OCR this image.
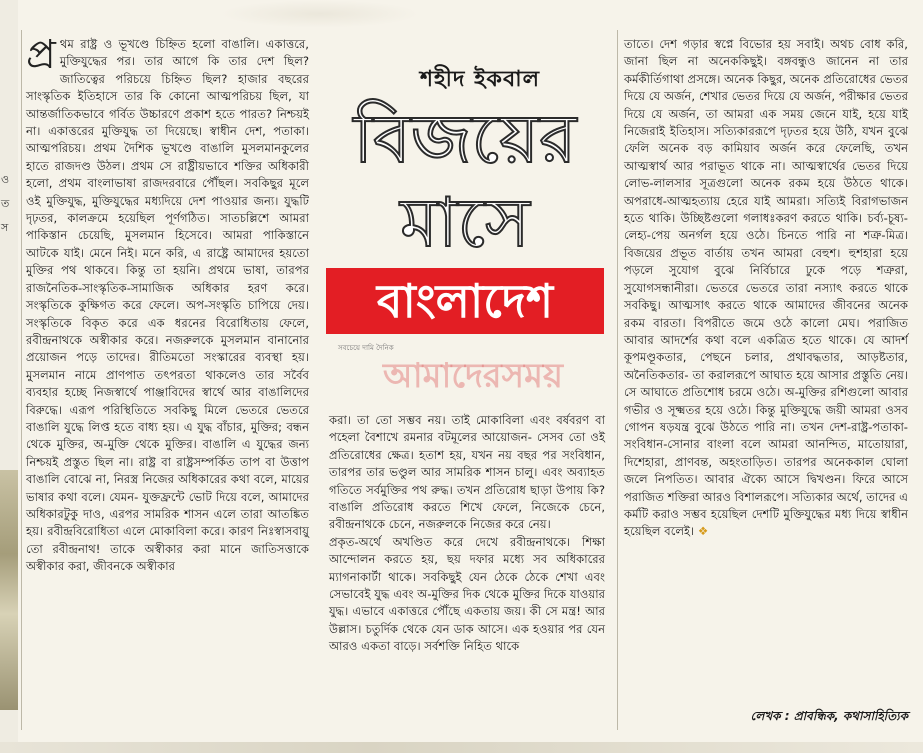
ও
ত
স

প্র থম রাষ্ট্র ও ভূখণ্ডে চিহ্নিত হলো বাঙালি। একাত্তরে, মুক্তিযুদ্ধের পর। তার আগে কি তার দেশ ছিল? জাতিত্বের পরিচয়ে চিহ্নিত ছিল? হাজার বছরের সাংস্কৃতিক ইতিহাসে তার কি কোনো আত্মপরিচয় ছিল, যা আন্তর্জাতিকভাবে গর্বিত উচ্চারণে প্রকাশ হতে পারত? নিশ্চয়ই না। একাত্তরের মুক্তিযুদ্ধ তা দিয়েছে। স্বাধীন দেশ, পতাকা। আত্মপরিচয়। প্রথম দৈশিক ভূখণ্ডে বাঙালি মুসলমানকুলের হাতে রাজদণ্ড উঠল। প্রথম সে রাষ্ট্রীয়ভাবে শক্তির অধিকারী হলো, প্রথম বাংলাভাষা রাজদরবারে পৌঁছল। সবকিছুর মূলে ওই মুক্তিযুদ্ধ, মুক্তিযুদ্ধের মধ্যদিয়ে দেশ পাওয়ার জন্য। যুদ্ধটি দৃঢ়তর, কালক্রমে হয়েছিল পূর্ণগঠিত। সাতচল্লিশে আমরা পাকিস্তান চেয়েছি, মুসলমান হিসেবে। আমরা পাকিস্তানে আটকে যাই। মেনে নিই। মনে করি, এ রাষ্ট্রে আমাদের হয়তো মুক্তির পথ থাকবে। কিন্তু তা হয়নি। প্রথমে ভাষা, তারপর রাজনৈতিক-সাংস্কৃতিক-সামাজিক অধিকার হরণ করে। সংস্কৃতিকে কুক্ষিগত করে ফেলে। অপ-সংস্কৃতি চাপিয়ে দেয়। সংস্কৃতিকে বিকৃত করে এক ধরনের বিরোধিতায় ফেলে, রবীন্দ্রনাথকে অস্বীকার করে। নজরুলকে মুসলমান বানানোর প্রয়োজন পড়ে তাদের। রীতিমতো সংস্কারের ব্যবস্থা হয়। মুসলমান নামে প্রাণপাত তৎপরতা থাকলেও তার সর্বৈব ব্যবহার হচ্ছে নিজস্বার্থে পাঞ্জাবিদের স্বার্থে আর বাঙালিদের বিরুদ্ধে। এরূপ পরিস্থিতিতে সবকিছু মিলে ভেতরে ভেতরে বাঙালি যুদ্ধে লিপ্ত হতে বাধ্য হয়। এ যুদ্ধ বাঁচার, মুক্তির; বন্ধন থেকে মুক্তির, অ-মুক্তি থেকে মুক্তির। বাঙালি এ যুদ্ধের জন্য নিশ্চয়ই প্রস্তুত ছিল না। রাষ্ট্র বা রাষ্ট্রসম্পর্কিত তাপ বা উত্তাপ বাঙালি বোঝে না, নিরস্ত্র নিজের অধিকারের কথা বলে, মায়ের ভাষার কথা বলে। যেমন- যুক্তফ্রন্টে ভোট দিয়ে বলে, আমাদের অধিকারটুকু দাও, এরপর সামরিক শাসন এলে তারা আতঙ্কিত হয়। রবীন্দ্রবিরোধিতা এলে মোকাবিলা করে। কারণ নিঃস্বাসবায়ু তো রবীন্দ্রনাথ! তাকে অস্বীকার করা মানে জাতিসত্তাকে অস্বীকার করা, জীবনকে অস্বীকার

শহীদ ইকবাল
বিজয়ের
মাসে
বাংলাদেশ
সবচেয়ে দামি দৈনিক
আমাদেরসময়

করা। তা তো সম্ভব নয়। তাই মোকাবিলা এবং বর্ষবরণ বা পহেলা বৈশাখে রমনার বটমূলের আয়োজন- সেসব তো ওই প্রতিরোধের ক্ষেত্র। হতাশ হয়, যখন নয় বছর পর সংবিধান, তারপর তার ভণ্ডুল আর সামরিক শাসন চালু। এবং অব্যাহত গতিতে সর্বমুক্তির পথ রুদ্ধ। তখন প্রতিরোধ ছাড়া উপায় কি? বাঙালি প্রতিরোধ করতে শিখে ফেলে, নিজেকে চেনে, রবীন্দ্রনাথকে চেনে, নজরুলকে নিজের করে নেয়।

প্রকৃত-অর্থে অখণ্ডিত করে দেখে রবীন্দ্রনাথকে। শিক্ষা আন্দোলন করতে হয়, ছয় দফার মধ্যে সব অধিকারের ম্যাগনাকার্টা থাকে। সবকিছুই যেন ঠেকে ঠেকে শেখা এবং সেভাবেই যুদ্ধ এবং অ-মুক্তির দিক থেকে মুক্তির দিকে যাওয়ার যুদ্ধ। এভাবে একাত্তরে পৌঁছে একতায় জয়। কী সে মন্ত্র! আর উল্লাস। চতুর্দিক থেকে যেন ডাক আসে। এক হওয়ার পর যেন আরও একতা বাড়ে। সর্বশক্তি নিহিত থাকে

তাতে। দেশ গড়ার স্বপ্নে বিভোর হয় সবাই। অথচ বোধ করি, জানা ছিল না অনেককিছুই। বঙ্গবন্ধুও জানেন না তার কর্মকীর্তিগাথা প্রসঙ্গে। অনেক কিছুর, অনেক প্রতিরোধের ভেতর দিয়ে যে অর্জন, শেখার ভেতর দিয়ে যে অর্জন, পরীক্ষার ভেতর দিয়ে যে অর্জন, তা আমরা এক সময় জেনে যাই, হয়ে যাই নিজেরাই ইতিহাস। সত্যিকাররূপে দৃঢ়তর হয়ে উঠি, যখন বুঝে ফেলি অনেক বড় কামিয়াব অর্জন করে ফেলেছি, তখন আত্মস্বার্থ আর পরাভূত থাকে না। আত্মস্বার্থের ভেতর দিয়ে লোভ-লালসার সূত্রগুলো অনেক রকম হয়ে উঠতে থাকে। অপরাধে-আত্মহত্যায় হেরে যাই আমরা। সত্যিই বিরাগভাজন হতে থাকি। উচ্ছিষ্টগুলো গলাধঃকরণ করতে থাকি। চর্ব্য-চূষ্য-লেহ্য-পেয় অনর্গল হয়ে ওঠে। চিনতে পারি না শত্রু-মিত্র। বিজয়ের প্রভূত বার্তায় তখন আমরা বেহুশ। হুশহারা হয়ে পড়লে সুযোগ বুঝে নির্বিচারে ঢুকে পড়ে শত্রুরা, সুযোগসন্ধানীরা। ভেতরে ভেতরে তারা নস্যাৎ করতে থাকে সবকিছু। আত্মসাৎ করতে থাকে আমাদের জীবনের অনেক রকম বারতা। বিপরীতে জমে ওঠে কালো মেঘ। পরাজিত আবার আদর্শের কথা বলে একত্রিত হতে থাকে। যে আদর্শ কূপমণ্ডূকতার, পেছনে চলার, প্রথাবদ্ধতার, আড়ষ্টতার, অনৈতিকতার- তা করালরূপে আঘাত হয়ে আসার প্রস্তুতি নেয়। সে আঘাতে প্রতিশোধ চরমে ওঠে। অ-মুক্তির রশিগুলো আবার গভীর ও সূক্ষ্মতর হয়ে ওঠে। কিন্তু মুক্তিযুদ্ধে জয়ী আমরা ওসব গোপন ষড়যন্ত্র বুঝে উঠতে পারি না। তখন দেশ-রাষ্ট্র-পতাকা-সংবিধান-সোনার বাংলা বলে আমরা আনন্দিত, মাতোয়ারা, দিশেহারা, প্রাণবন্ত, অহংতাড়িত। তারপর অনেককাল ঘোলা জলে নিপতিত। আবার ঐক্যে আসে দ্বিখণ্ডন। ফিরে আসে পরাজিত শক্তিরা আরও বিশালরূপে। সত্যিকার অর্থে, তাদের এ কর্মটি করাও সম্ভব হয়েছিল দেশটি মুক্তিযুদ্ধের মধ্য দিয়ে স্বাধীন হয়েছিল বলেই। ❖

লেখক : প্রাবন্ধিক, কথাসাহিত্যিক
